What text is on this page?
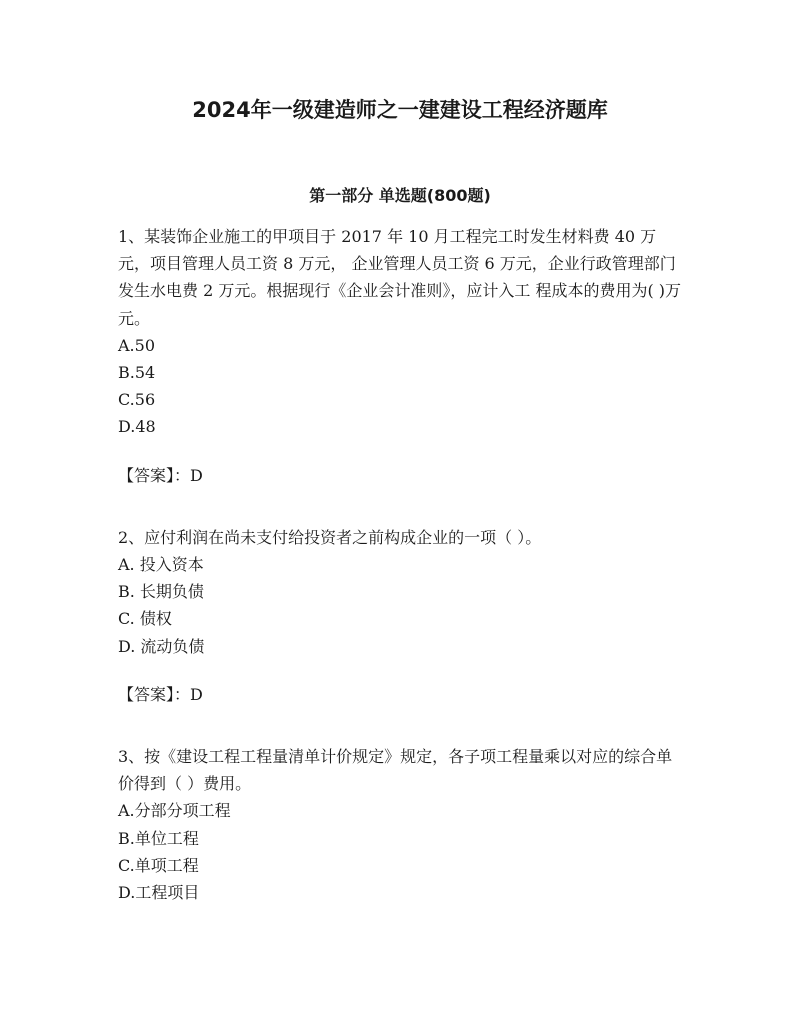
2024年一级建造师之一建建设工程经济题库
第一部分 单选题(800题)

1、某装饰企业施工的甲项目于 2017 年 10 月工程完工时发生材料费 40 万元，项目管理人员工资 8 万元， 企业管理人员工资 6 万元，企业行政管理部门发生水电费 2 万元。根据现行《企业会计准则》，应计入工 程成本的费用为( )万元。

A.50
B.54
C.56
D.48

【答案】：D

2、应付利润在尚未支付给投资者之前构成企业的一项（ ）。

A. 投入资本
B. 长期负债
C. 债权
D. 流动负债

【答案】：D

3、按《建设工程工程量清单计价规定》规定，各子项工程量乘以对应的综合单价得到（ ）费用。

A.分部分项工程
B.单位工程
C.单项工程
D.工程项目
